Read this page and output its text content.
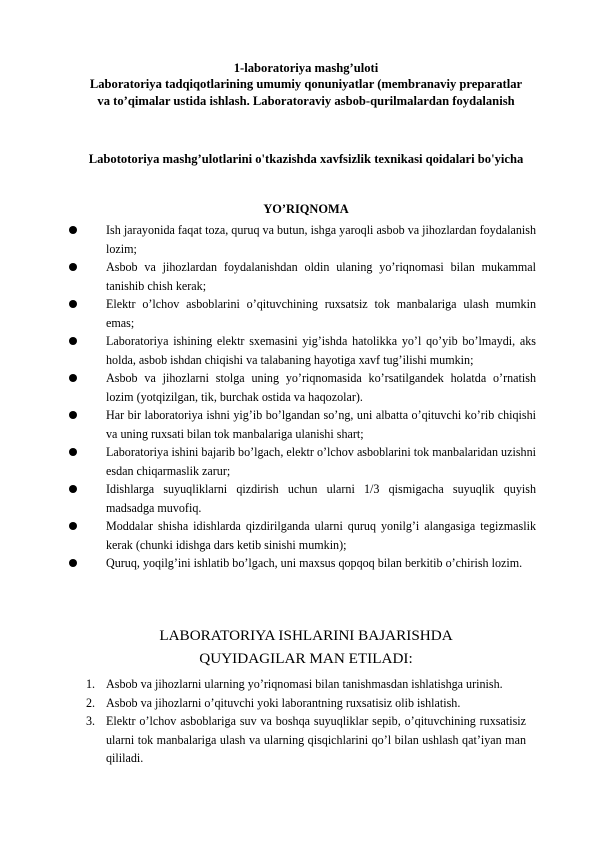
1-laboratoriya mashg’uloti

Laboratoriya tadqiqotlarining umumiy qonuniyatlar (membranaviy preparatlar va to’qimalar ustida ishlash. Laboratoraviy asbob-qurilmalardan foydalanish

Labototoriya mashg’ulotlarini o'tkazishda xavfsizlik texnikasi qoidalari bo'yicha
YO’RIQNOMA
Ish jarayonida faqat toza, quruq va butun, ishga yaroqli asbob va jihozlardan foydalanish lozim;
Asbob va jihozlardan foydalanishdan oldin ulaning yo’riqnomasi bilan mukammal tanishib chish kerak;
Elektr o’lchov asboblarini o’qituvchining ruxsatsiz tok manbalariga ulash mumkin emas;
Laboratoriya ishining elektr sxemasini yig’ishda hatolikka yo’l qo’yib bo’lmaydi, aks holda, asbob ishdan chiqishi va talabaning hayotiga xavf tug’ilishi mumkin;
Asbob va jihozlarni stolga uning yo’riqnomasida ko’rsatilgandek holatda o’rnatish lozim (yotqizilgan, tik, burchak ostida va haqozolar).
Har bir laboratoriya ishni yig’ib bo’lgandan so’ng, uni albatta o’qituvchi ko’rib chiqishi va uning ruxsati bilan tok manbalariga ulanishi shart;
Laboratoriya ishini bajarib bo’lgach, elektr o’lchov asboblarini tok manbalaridan uzishni esdan chiqarmaslik zarur;
Idishlarga suyuqliklarni qizdirish uchun ularni 1/3 qismigacha suyuqlik quyish madsadga muvofiq.
Moddalar shisha idishlarda qizdirilganda ularni quruq yonilg’i alangasiga tegizmaslik kerak (chunki idishga dars ketib sinishi mumkin);
Quruq, yoqilg’ini ishlatib bo’lgach, uni maxsus qopqoq bilan berkitib o’chirish lozim.
LABORATORIYA ISHLARINI BAJARISHDA
QUYIDAGILAR MAN ETILADI:
1. Asbob va jihozlarni ularning yo’riqnomasi bilan tanishmasdan ishlatishga urinish.
2. Asbob va jihozlarni o’qituvchi yoki laborantning ruxsatisiz olib ishlatish.
3. Elektr o’lchov asboblariga suv va boshqa suyuqliklar sepib, o’qituvchining ruxsatisiz ularni tok manbalariga ulash va ularning qisqichlarini qo’l bilan ushlash qat’iyan man qililadi.
